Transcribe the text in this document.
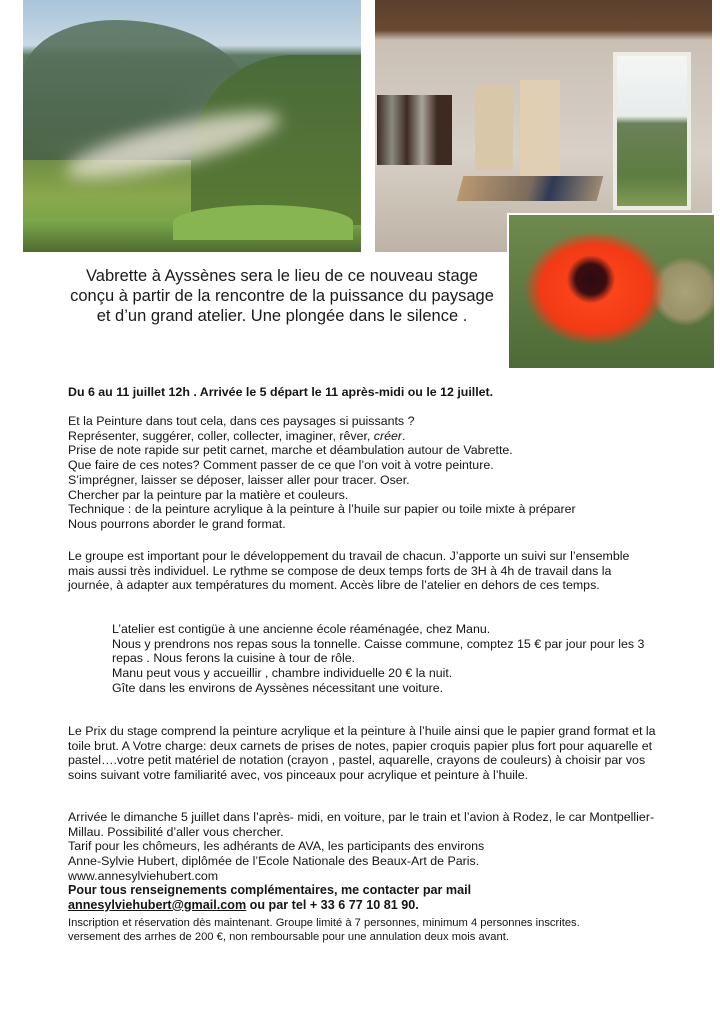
Vabrette à Ayssènes sera le lieu de ce nouveau stage conçu à partir de la rencontre de la puissance du paysage et d’un grand atelier. Une plongée dans le silence .
Du 6 au 11 juillet 12h . Arrivée le 5 départ le 11 après-midi ou le 12 juillet.

Et la Peinture dans tout cela, dans ces paysages si puissants ?

Représenter, suggérer, coller, collecter, imaginer, rêver, créer.

Prise de note rapide sur petit carnet, marche et déambulation autour de Vabrette.

Que faire de ces notes? Comment passer de ce que l’on voit à votre peinture.

S’imprégner, laisser se déposer, laisser aller pour tracer. Oser.

Chercher par la peinture par la matière et couleurs.

Technique : de la peinture acrylique à la peinture à l’huile sur papier ou toile mixte à préparer

Nous pourrons aborder le grand format.

Le groupe est important pour le développement du travail de chacun. J’apporte un suivi sur l’ensemble mais aussi très individuel. Le rythme se compose de deux temps forts de 3H à 4h de travail dans la journée, à adapter aux températures du moment. Accès libre de l’atelier en dehors de ces temps.

L’atelier est contigüe à une ancienne école réaménagée, chez Manu.

Nous y prendrons nos repas sous la tonnelle. Caisse commune, comptez 15 € par jour pour les 3 repas . Nous ferons la cuisine à tour de rôle.

Manu peut vous y accueillir , chambre individuelle 20 € la nuit.

Gîte dans les environs de Ayssènes nécessitant une voiture.

Le Prix du stage comprend la peinture acrylique et la peinture à l’huile ainsi que le papier grand format et la toile brut. A Votre charge: deux carnets de prises de notes, papier croquis papier plus fort pour aquarelle et pastel….votre petit matériel de notation (crayon , pastel, aquarelle, crayons de couleurs) à choisir par vos soins suivant votre familiarité avec, vos pinceaux pour acrylique et peinture à l’huile.

Arrivée le dimanche 5 juillet dans l’après- midi, en voiture, par le train et l’avion à Rodez, le car Montpellier-Millau. Possibilité d’aller vous chercher.

Tarif pour les chômeurs, les adhérants de AVA, les participants des environs

Anne-Sylvie Hubert, diplômée de l’Ecole Nationale des Beaux-Art de Paris.

www.annesylviehubert.com

Pour tous renseignements complémentaires, me contacter par mail

annesylviehubert@gmail.com ou par tel + 33 6 77 10 81 90.

Inscription et réservation dès maintenant. Groupe limité à 7 personnes, minimum 4 personnes inscrites.

versement des arrhes de 200 €, non remboursable pour une annulation deux mois avant.
